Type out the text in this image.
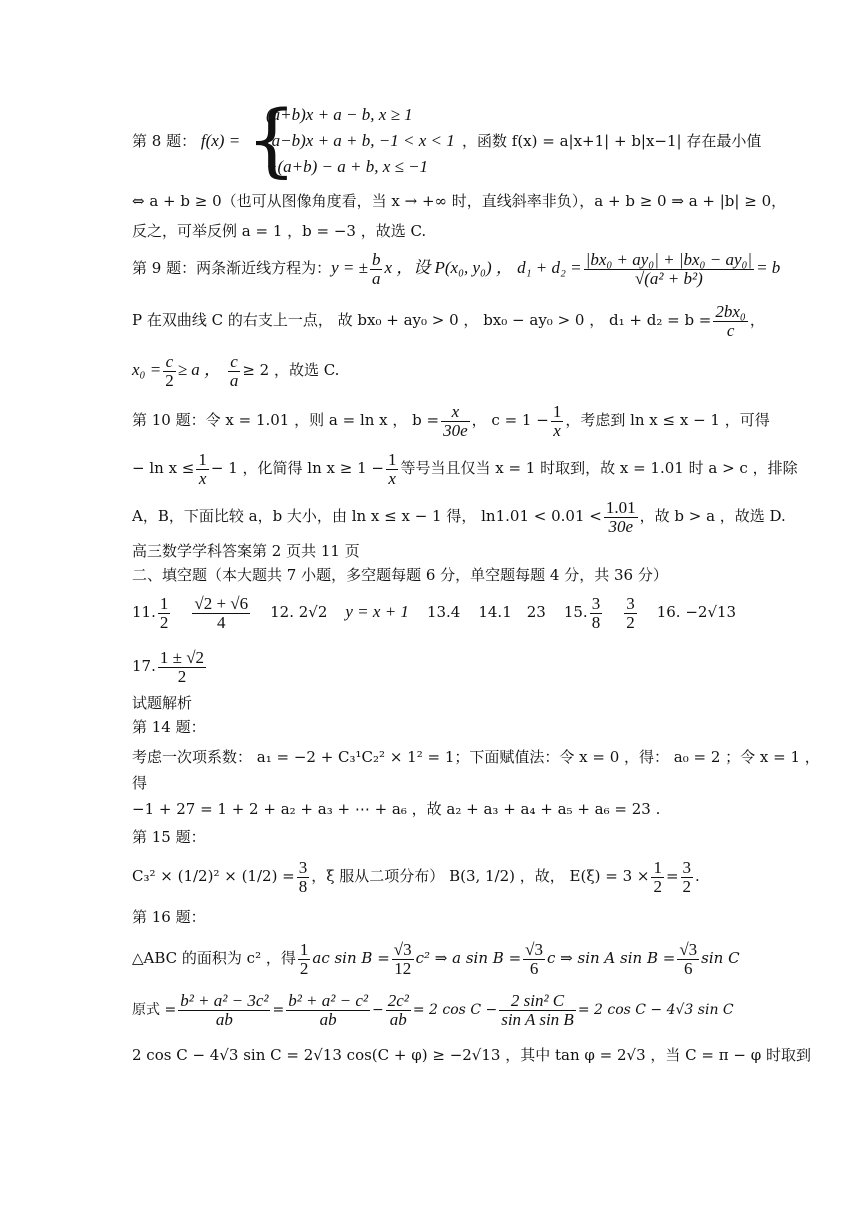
第 8 题： f(x) = {
(a+b)x + a − b, x ≥ 1
(a−b)x + a + b, −1 < x < 1
−(a+b) − a + b, x ≤ −1
，函数 f(x) = a|x+1| + b|x−1| 存在最小值
⇔ a + b ≥ 0（也可从图像角度看，当 x → +∞ 时，直线斜率非负），a + b ≥ 0 ⇒ a + |b| ≥ 0，
反之，可举反例 a = 1 ，b = −3 ，故选 C.
第 9 题：两条渐近线方程为：y = ± $\frac{b}{a}$ x ，设 P(x₀, y₀) ， $d_1 + d_2 = \frac{\text{|bx₀ + ay₀| + |bx₀ − ay₀|}}{\text{√(a² + b²)}} = b$
P 在双曲线 C 的右支上一点， 故 bx₀ + ay₀ > 0 ， bx₀ − ay₀ > 0 ， $d_1 + d_2 = b = \frac{\text{2bx₀}}{c}$ ，
$x_0 = \frac{c}{2} \ge a$ ， $\frac{c}{a} \ge 2$ ，故选 C.
第 10 题：令 x = 1.01 ，则 a = ln x ， $b = \frac{x}{30e}$ ， $c = 1 - \frac{1}{x}$ ，考虑到 ln x ≤ x − 1 ，可得
− $\ln x \le \frac{1}{x} - 1$ ，化简得 $\ln x \ge 1 - \frac{1}{x}$ 等号当且仅当 x = 1 时取到，故 x = 1.01 时 a > c ，排除
A，B，下面比较 a，b 大小，由 ln x ≤ x − 1 得， $\ln 1.01 < 0.01 < \frac{1.01}{30e}$ ，故 b > a ，故选 D.
高三数学学科答案第 2 页共 11 页
二、填空题（本大题共 7 小题，多空题每题 6 分，单空题每题 4 分，共 36 分）
11. $\frac{1}{2} \frac{√2 + √6}{4} 12$. 2√2 y = x + 1 13.4 14.1　23 15. $\frac{3}{8} \frac{3}{2} 16$. −2√13
17. $\frac{1 \pm √2}{2}$
试题解析
第 14 题：
考虑一次项系数： a₁ = −2 + C₃¹C₂² × 1² = 1；下面赋值法：令 x = 0 ，得： a₀ = 2 ；令 x = 1 ，
得
−1 + 27 = 1 + 2 + a₂ + a₃ + ⋯ + a₆ ，故 a₂ + a₃ + a₄ + a₅ + a₆ = 23 .
第 15 题：
$C_3^2 \times (1/2)^2 \times (1/2) = \frac{3}{8}$ ，ξ 服从二项分布） B(3, 1/2) ，故， $E(\xi) = 3 \times \frac{1}{2} = \frac{3}{2}$ .
第 16 题：
△ABC 的面积为 c² ，得 $\frac{1}{2}$ ac $\sin B = \frac{√3}{12} c^2$ ⇒ a $\sin B = \frac{√3}{6}$ c ⇒ sin A $\sin B = \frac{√3}{6}$ sin C
原式 = $\frac{\text{b² + a² − 3c²}}{ab} = \frac{\text{b² + a² − c²}}{ab} - \frac{\text{2c²}}{ab} = 2$ $\cos C - \frac{\text{2 sin² C}}{\text{sin A sin B}} = 2$ cos C − 4√3 sin C
2 cos C − 4√3 sin C = 2√13 cos(C + φ) ≥ −2√13 ，其中 tan φ = 2√3 ，当 C = π − φ 时取到
